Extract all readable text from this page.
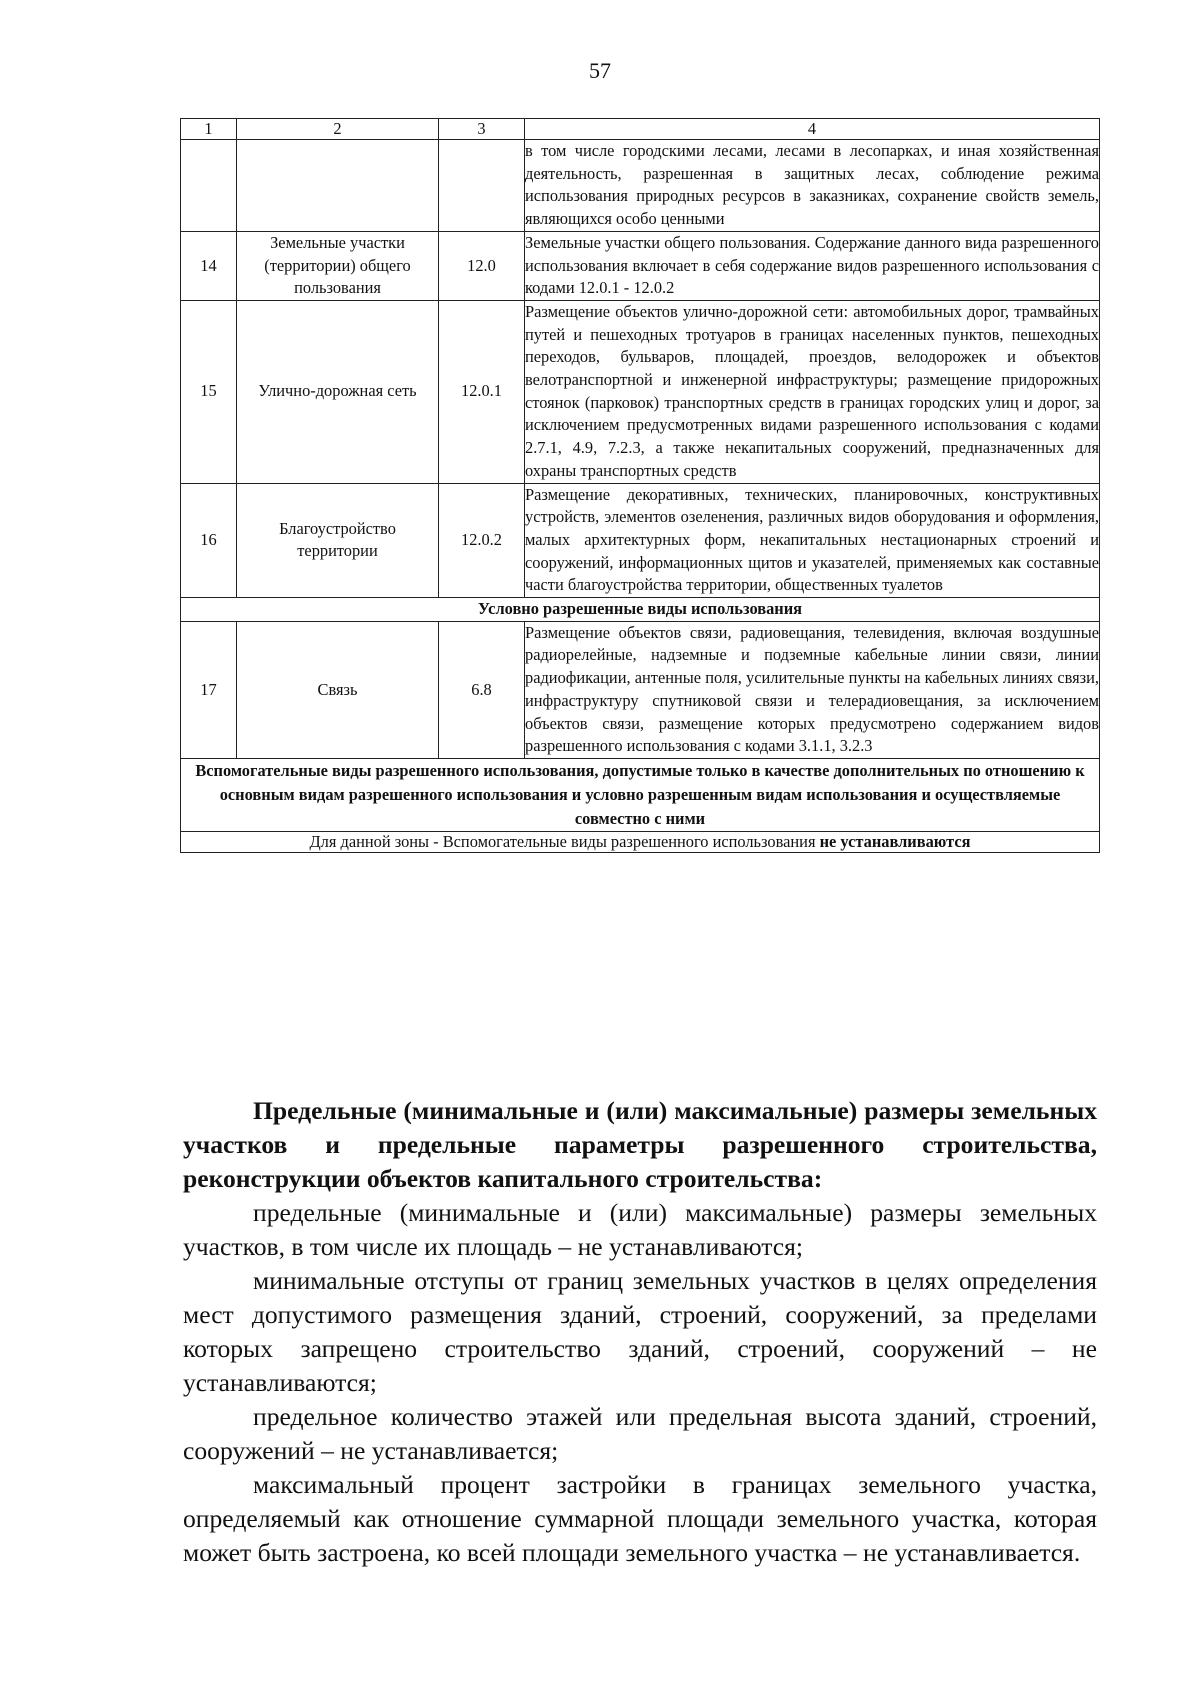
57
1	2	3	4
			в том числе городскими лесами, лесами в лесопарках, и иная хозяйственная деятельность, разрешенная в защитных лесах, соблюдение режима использования природных ресурсов в заказниках, сохранение свойств земель, являющихся особо ценными
14	Земельные участки (территории) общего пользования	12.0	Земельные участки общего пользования. Содержание данного вида разрешенного использования включает в себя содержание видов разрешенного использования с кодами 12.0.1 - 12.0.2
15	Улично-дорожная сеть	12.0.1	Размещение объектов улично-дорожной сети: автомобильных дорог, трамвайных путей и пешеходных тротуаров в границах населенных пунктов, пешеходных переходов, бульваров, площадей, проездов, велодорожек и объектов велотранспортной и инженерной инфраструктуры; размещение придорожных стоянок (парковок) транспортных средств в границах городских улиц и дорог, за исключением предусмотренных видами разрешенного использования с кодами 2.7.1, 4.9, 7.2.3, а также некапитальных сооружений, предназначенных для охраны транспортных средств
16	Благоустройство территории	12.0.2	Размещение декоративных, технических, планировочных, конструктивных устройств, элементов озеленения, различных видов оборудования и оформления, малых архитектурных форм, некапитальных нестационарных строений и сооружений, информационных щитов и указателей, применяемых как составные части благоустройства территории, общественных туалетов
Условно разрешенные виды использования			
17	Связь	6.8	Размещение объектов связи, радиовещания, телевидения, включая воздушные радиорелейные, надземные и подземные кабельные линии связи, линии радиофикации, антенные поля, усилительные пункты на кабельных линиях связи, инфраструктуру спутниковой связи и телерадиовещания, за исключением объектов связи, размещение которых предусмотрено содержанием видов разрешенного использования с кодами 3.1.1, 3.2.3
Вспомогательные виды разрешенного использования, допустимые только в качестве дополнительных по отношению к основным видам разрешенного использования и условно разрешенным видам использования и осуществляемые совместно с ними			
Для данной зоны - Вспомогательные виды разрешенного использования не устанавливаются			

Предельные (минимальные и (или) максимальные) размеры земельных участков и предельные параметры разрешенного строительства, реконструкции объектов капитального строительства:

предельные (минимальные и (или) максимальные) размеры земельных участков, в том числе их площадь – не устанавливаются;

минимальные отступы от границ земельных участков в целях определения мест допустимого размещения зданий, строений, сооружений, за пределами которых запрещено строительство зданий, строений, сооружений – не устанавливаются;

предельное количество этажей или предельная высота зданий, строений, сооружений – не устанавливается;

максимальный процент застройки в границах земельного участка, определяемый как отношение суммарной площади земельного участка, которая может быть застроена, ко всей площади земельного участка – не устанавливается.
